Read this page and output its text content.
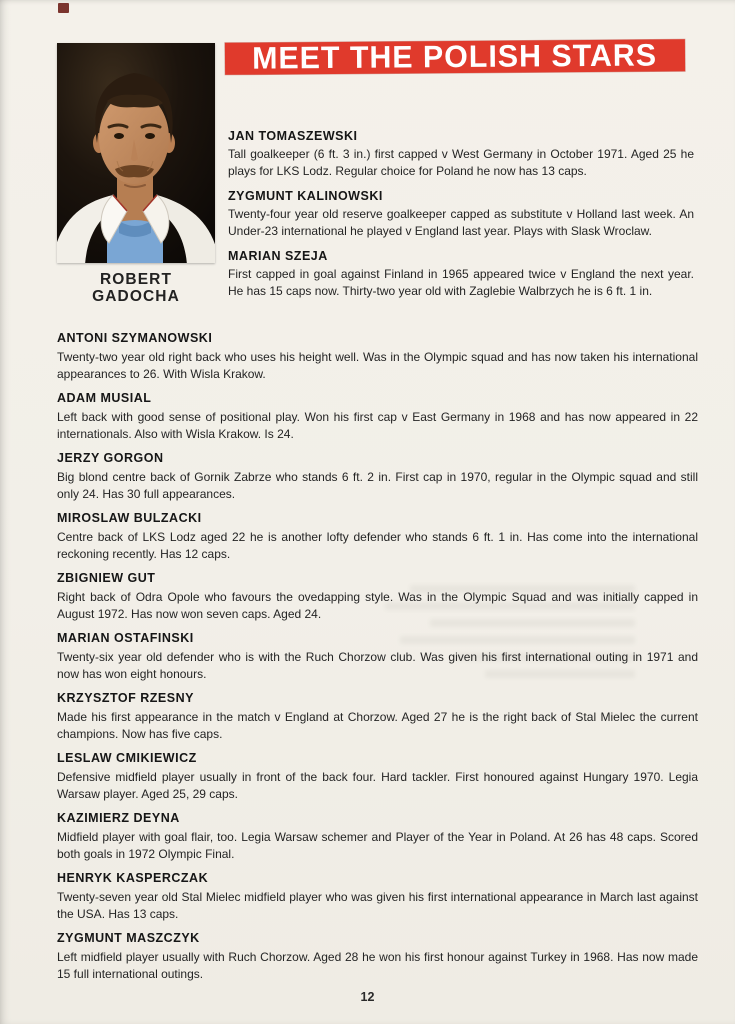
MEET THE POLISH STARS
ROBERT
GADOCHA
JAN TOMASZEWSKI

Tall goalkeeper (6 ft. 3 in.) first capped v West Germany in October 1971. Aged 25 he plays for LKS Lodz. Regular choice for Poland he now has 13 caps.

ZYGMUNT KALINOWSKI

Twenty-four year old reserve goalkeeper capped as substitute v Holland last week. An Under-23 international he played v England last year. Plays with Slask Wroclaw.

MARIAN SZEJA

First capped in goal against Finland in 1965 appeared twice v England the next year. He has 15 caps now. Thirty-two year old with Zaglebie Walbrzych he is 6 ft. 1 in.

ANTONI SZYMANOWSKI

Twenty-two year old right back who uses his height well. Was in the Olympic squad and has now taken his international appearances to 26. With Wisla Krakow.

ADAM MUSIAL

Left back with good sense of positional play. Won his first cap v East Germany in 1968 and has now appeared in 22 internationals. Also with Wisla Krakow. Is 24.

JERZY GORGON

Big blond centre back of Gornik Zabrze who stands 6 ft. 2 in. First cap in 1970, regular in the Olympic squad and still only 24. Has 30 full appearances.

MIROSLAW BULZACKI

Centre back of LKS Lodz aged 22 he is another lofty defender who stands 6 ft. 1 in. Has come into the international reckoning recently. Has 12 caps.

ZBIGNIEW GUT

Right back of Odra Opole who favours the ovedapping style. Was in the Olympic Squad and was initially capped in August 1972. Has now won seven caps. Aged 24.

MARIAN OSTAFINSKI

Twenty-six year old defender who is with the Ruch Chorzow club. Was given his first international outing in 1971 and now has won eight honours.

KRZYSZTOF RZESNY

Made his first appearance in the match v England at Chorzow. Aged 27 he is the right back of Stal Mielec the current champions. Now has five caps.

LESLAW CMIKIEWICZ

Defensive midfield player usually in front of the back four. Hard tackler. First honoured against Hungary 1970. Legia Warsaw player. Aged 25, 29 caps.

KAZIMIERZ DEYNA

Midfield player with goal flair, too. Legia Warsaw schemer and Player of the Year in Poland. At 26 has 48 caps. Scored both goals in 1972 Olympic Final.

HENRYK KASPERCZAK

Twenty-seven year old Stal Mielec midfield player who was given his first international appearance in March last against the USA. Has 13 caps.

ZYGMUNT MASZCZYK

Left midfield player usually with Ruch Chorzow. Aged 28 he won his first honour against Turkey in 1968. Has now made 15 full international outings.

12
